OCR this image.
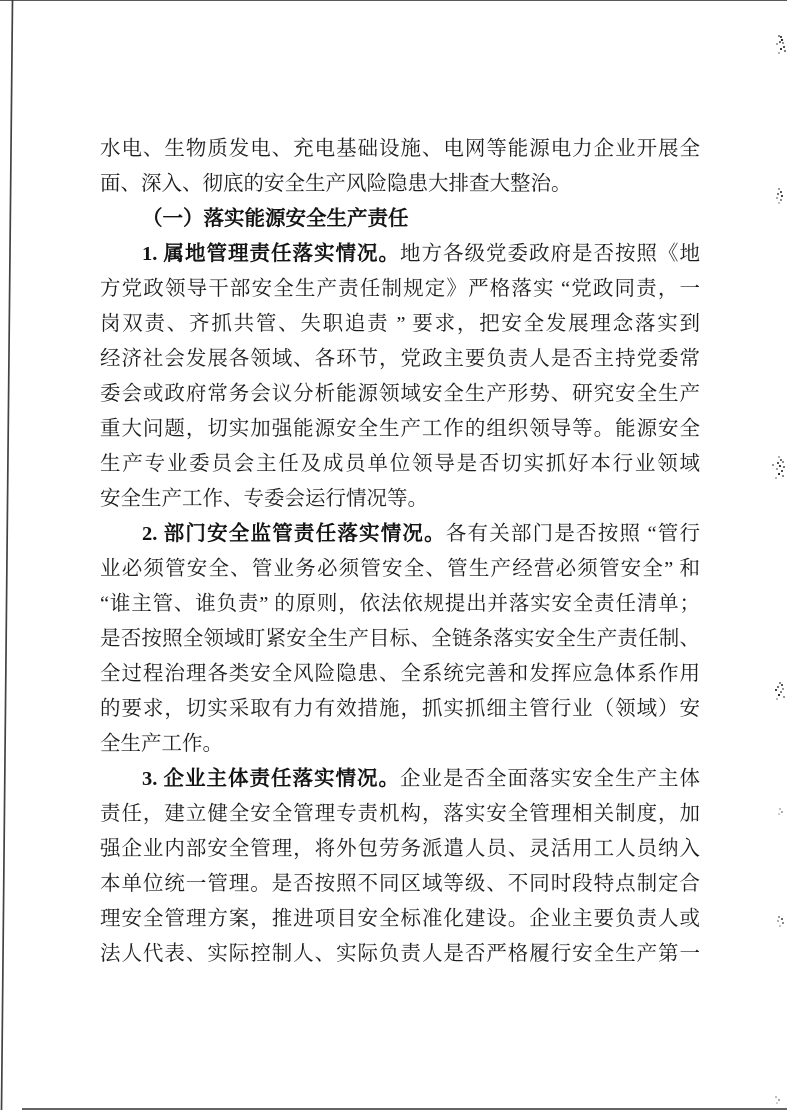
水电、生物质发电、充电基础设施、电网等能源电力企业开展全
面、深入、彻底的安全生产风险隐患大排查大整治。
（一）落实能源安全生产责任
1. 属地管理责任落实情况。地方各级党委政府是否按照《地
方党政领导干部安全生产责任制规定》严格落实 “党政同责，一
岗双责、齐抓共管、失职追责 ” 要求，把安全发展理念落实到
经济社会发展各领域、各环节，党政主要负责人是否主持党委常
委会或政府常务会议分析能源领域安全生产形势、研究安全生产
重大问题，切实加强能源安全生产工作的组织领导等。能源安全
生产专业委员会主任及成员单位领导是否切实抓好本行业领域
安全生产工作、专委会运行情况等。
2. 部门安全监管责任落实情况。各有关部门是否按照 “管行
业必须管安全、管业务必须管安全、管生产经营必须管安全” 和
“谁主管、谁负责” 的原则，依法依规提出并落实安全责任清单；
是否按照全领域盯紧安全生产目标、全链条落实安全生产责任制、
全过程治理各类安全风险隐患、全系统完善和发挥应急体系作用
的要求，切实采取有力有效措施，抓实抓细主管行业（领域）安
全生产工作。
3. 企业主体责任落实情况。企业是否全面落实安全生产主体
责任，建立健全安全管理专责机构，落实安全管理相关制度，加
强企业内部安全管理，将外包劳务派遣人员、灵活用工人员纳入
本单位统一管理。是否按照不同区域等级、不同时段特点制定合
理安全管理方案，推进项目安全标准化建设。企业主要负责人或
法人代表、实际控制人、实际负责人是否严格履行安全生产第一
